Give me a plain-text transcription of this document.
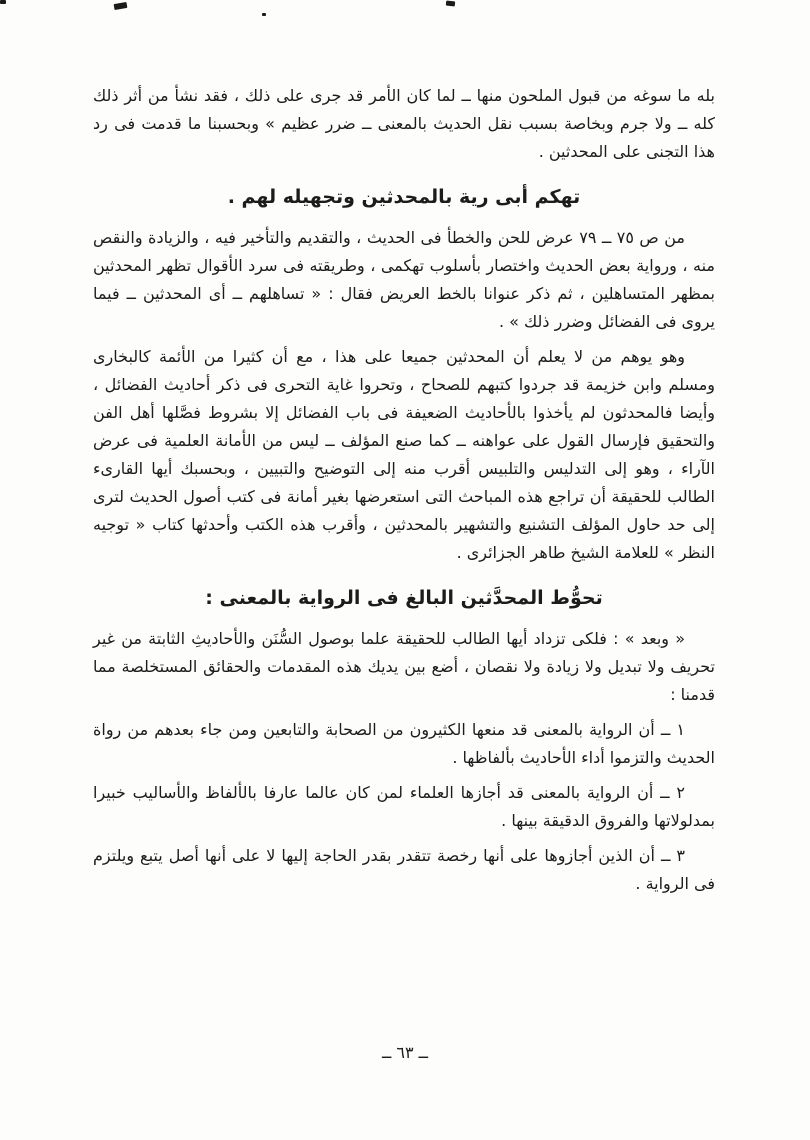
بله ما سوغه من قبول الملحون منها ــ لما كان الأمر قد جرى على ذلك ، فقد نشأ من أثر ذلك كله ــ ولا جرم وبخاصة بسبب نقل الحديث بالمعنى ــ ضرر عظيم » وبحسبنا ما قدمت فى رد هذا التجنى على المحدثين .

تهكم أبى رية بالمحدثين وتجهيله لهم .

من ص ٧٥ ــ ٧٩ عرض للحن والخطأ فى الحديث ، والتقديم والتأخير فيه ، والزيادة والنقص منه ، ورواية بعض الحديث واختصار بأسلوب تهكمى ، وطريقته فى سرد الأقوال تظهر المحدثين بمظهر المتساهلين ، ثم ذكر عنوانا بالخط العريض فقال : « تساهلهم ــ أى المحدثين ــ فيما يروى فى الفضائل وضرر ذلك » .

وهو يوهم من لا يعلم أن المحدثين جميعا على هذا ، مع أن كثيرا من الأئمة كالبخارى ومسلم وابن خزيمة قد جردوا كتبهم للصحاح ، وتحروا غاية التحرى فى ذكر أحاديث الفضائل ، وأيضا فالمحدثون لم يأخذوا بالأحاديث الضعيفة فى باب الفضائل إلا بشروط فصَّلها أهل الفن والتحقيق فإرسال القول على عواهنه ــ كما صنع المؤلف ــ ليس من الأمانة العلمية فى عرض الآراء ، وهو إلى التدليس والتلبيس أقرب منه إلى التوضيح والتبيين ، وبحسبك أيها القارىء الطالب للحقيقة أن تراجع هذه المباحث التى استعرضها بغير أمانة فى كتب أصول الحديث لترى إلى حد حاول المؤلف التشنيع والتشهير بالمحدثين ، وأقرب هذه الكتب وأحدثها كتاب « توجيه النظر » للعلامة الشيخ طاهر الجزائرى .

تحوُّط المحدَّثين البالغ فى الرواية بالمعنى :

« وبعد » : فلكى تزداد أيها الطالب للحقيقة علما بوصول السُّنَن والأحاديثِ الثابتة من غير تحريف ولا تبديل ولا زيادة ولا نقصان ، أضع بين يديك هذه المقدمات والحقائق المستخلصة مما قدمنا :

١ ــ أن الرواية بالمعنى قد منعها الكثيرون من الصحابة والتابعين ومن جاء بعدهم من رواة الحديث والتزموا أداء الأحاديث بألفاظها .

٢ ــ أن الرواية بالمعنى قد أجازها العلماء لمن كان عالما عارفا بالألفاظ والأساليب خبيرا بمدلولاتها والفروق الدقيقة بينها .

٣ ــ أن الذين أجازوها على أنها رخصة تتقدر بقدر الحاجة إليها لا على أنها أصل يتبع ويلتزم فى الرواية .

ــ ٦٣ ــ
